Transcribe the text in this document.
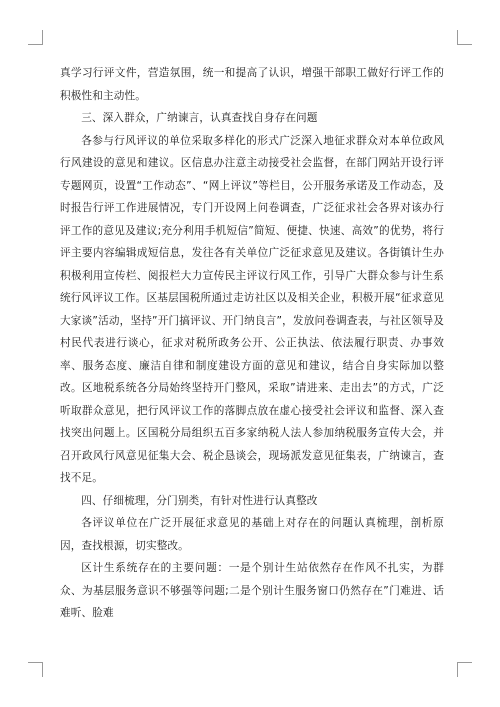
真学习行评文件，营造氛围，统一和提高了认识，增强干部职工做好行评工作的积极性和主动性。

三、深入群众，广纳谏言，认真查找自身存在问题

各参与行风评议的单位采取多样化的形式广泛深入地征求群众对本单位政风行风建设的意见和建议。区信息办注意主动接受社会监督，在部门网站开设行评专题网页，设置“工作动态”、“网上评议”等栏目，公开服务承诺及工作动态，及时报告行评工作进展情况，专门开设网上问卷调查，广泛征求社会各界对该办行评工作的意见及建议;充分利用手机短信”简短、便捷、快速、高效”的优势，将行评主要内容编辑成短信息，发往各有关单位广泛征求意见及建议。各街镇计生办积极利用宣传栏、阅报栏大力宣传民主评议行风工作，引导广大群众参与计生系统行风评议工作。区基层国税所通过走访社区以及相关企业，积极开展“征求意见大家谈”活动，坚持”开门搞评议、开门纳良言”，发放问卷调查表，与社区领导及村民代表进行谈心，征求对税所政务公开、公正执法、依法履行职责、办事效率、服务态度、廉洁自律和制度建设方面的意见和建议，结合自身实际加以整改。区地税系统各分局始终坚持开门整风，采取”请进来、走出去”的方式，广泛听取群众意见，把行风评议工作的落脚点放在虚心接受社会评议和监督、深入查找突出问题上。区国税分局组织五百多家纳税人法人参加纳税服务宣传大会，并召开政风行风意见征集大会、税企恳谈会，现场派发意见征集表，广纳谏言，查找不足。

四、仔细梳理，分门别类，有针对性进行认真整改

各评议单位在广泛开展征求意见的基础上对存在的问题认真梳理，剖析原因，查找根源，切实整改。

区计生系统存在的主要问题：一是个别计生站依然存在作风不扎实，为群众、为基层服务意识不够强等问题;二是个别计生服务窗口仍然存在”门难进、话难听、脸难
